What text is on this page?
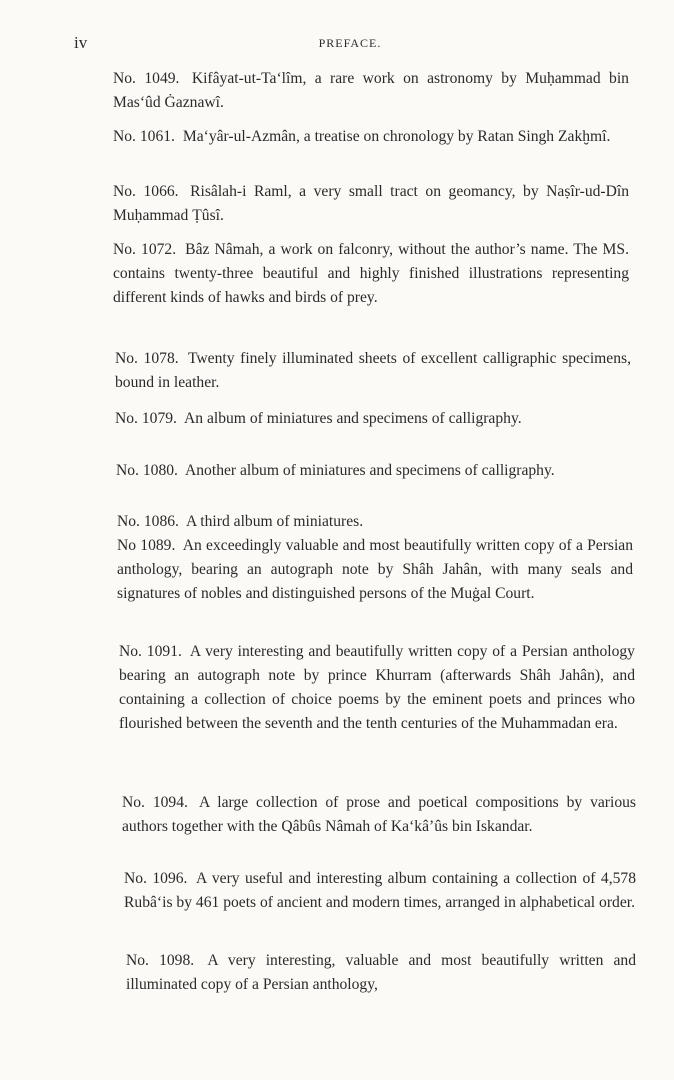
iv	PREFACE.
No. 1049. Kifâyat-ut-Ta‘lîm, a rare work on astronomy by Muḥammad bin Mas‘ûd Ġaznawî.
No. 1061. Ma‘yâr-ul-Azmân, a treatise on chronology by Ratan Singh Zakḫmî.
No. 1066. Risâlah-i Raml, a very small tract on geomancy, by Naṣîr-ud-Dîn Muḥammad Ṭûsî.
No. 1072. Bâz Nâmah, a work on falconry, without the author’s name. The MS. contains twenty-three beautiful and highly finished illustrations representing different kinds of hawks and birds of prey.
No. 1078. Twenty finely illuminated sheets of excellent calligraphic specimens, bound in leather.
No. 1079. An album of miniatures and specimens of calligraphy.
No. 1080. Another album of miniatures and specimens of calligraphy.
No. 1086. A third album of miniatures.
No 1089. An exceedingly valuable and most beautifully written copy of a Persian anthology, bearing an autograph note by Shâh Jahân, with many seals and signatures of nobles and distinguished persons of the Muġal Court.
No. 1091. A very interesting and beautifully written copy of a Persian anthology bearing an autograph note by prince Khurram (afterwards Shâh Jahân), and containing a collection of choice poems by the eminent poets and princes who flourished between the seventh and the tenth centuries of the Muhammadan era.
No. 1094. A large collection of prose and poetical compositions by various authors together with the Qâbûs Nâmah of Ka‘kâ’ûs bin Iskandar.
No. 1096. A very useful and interesting album containing a collection of 4,578 Rubâ‘is by 461 poets of ancient and modern times, arranged in alphabetical order.
No. 1098. A very interesting, valuable and most beautifully written and illuminated copy of a Persian anthology,
